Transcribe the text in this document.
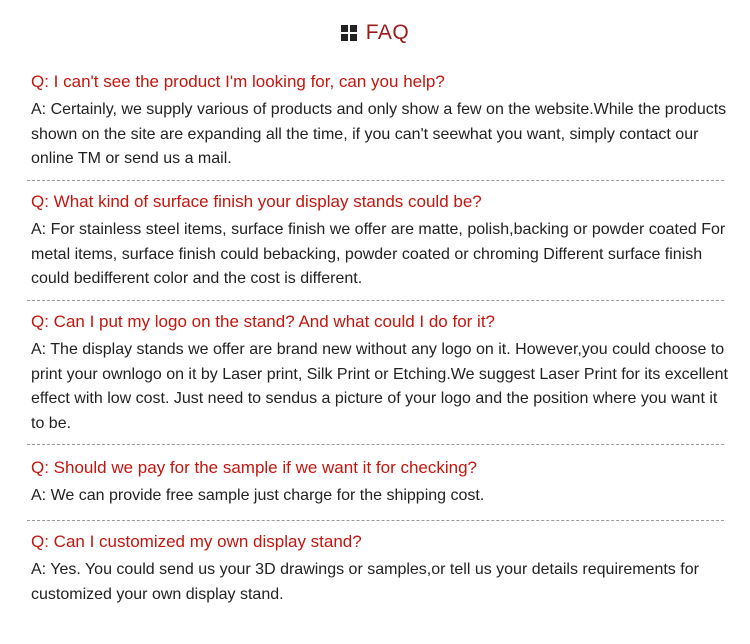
FAQ

Q: I can't see the product I'm looking for, can you help?

A: Certainly, we supply various of products and only show a few on the website.While the products shown on the site are expanding all the time, if you can't seewhat you want, simply contact our online TM or send us a mail.

Q: What kind of surface finish your display stands could be?

A: For stainless steel items, surface finish we offer are matte, polish,backing or powder coated For metal items, surface finish could bebacking, powder coated or chroming Different surface finish could bedifferent color and the cost is different.

Q: Can I put my logo on the stand? And what could I do for it?

A: The display stands we offer are brand new without any logo on it. However,you could choose to print your ownlogo on it by Laser print, Silk Print or Etching.We suggest Laser Print for its excellent effect with low cost. Just need to sendus a picture of your logo and the position where you want it to be.

Q: Should we pay for the sample if we want it for checking?

A: We can provide free sample just charge for the shipping cost.

Q: Can I customized my own display stand?

A: Yes. You could send us your 3D drawings or samples,or tell us your details requirements for customized your own display stand.
